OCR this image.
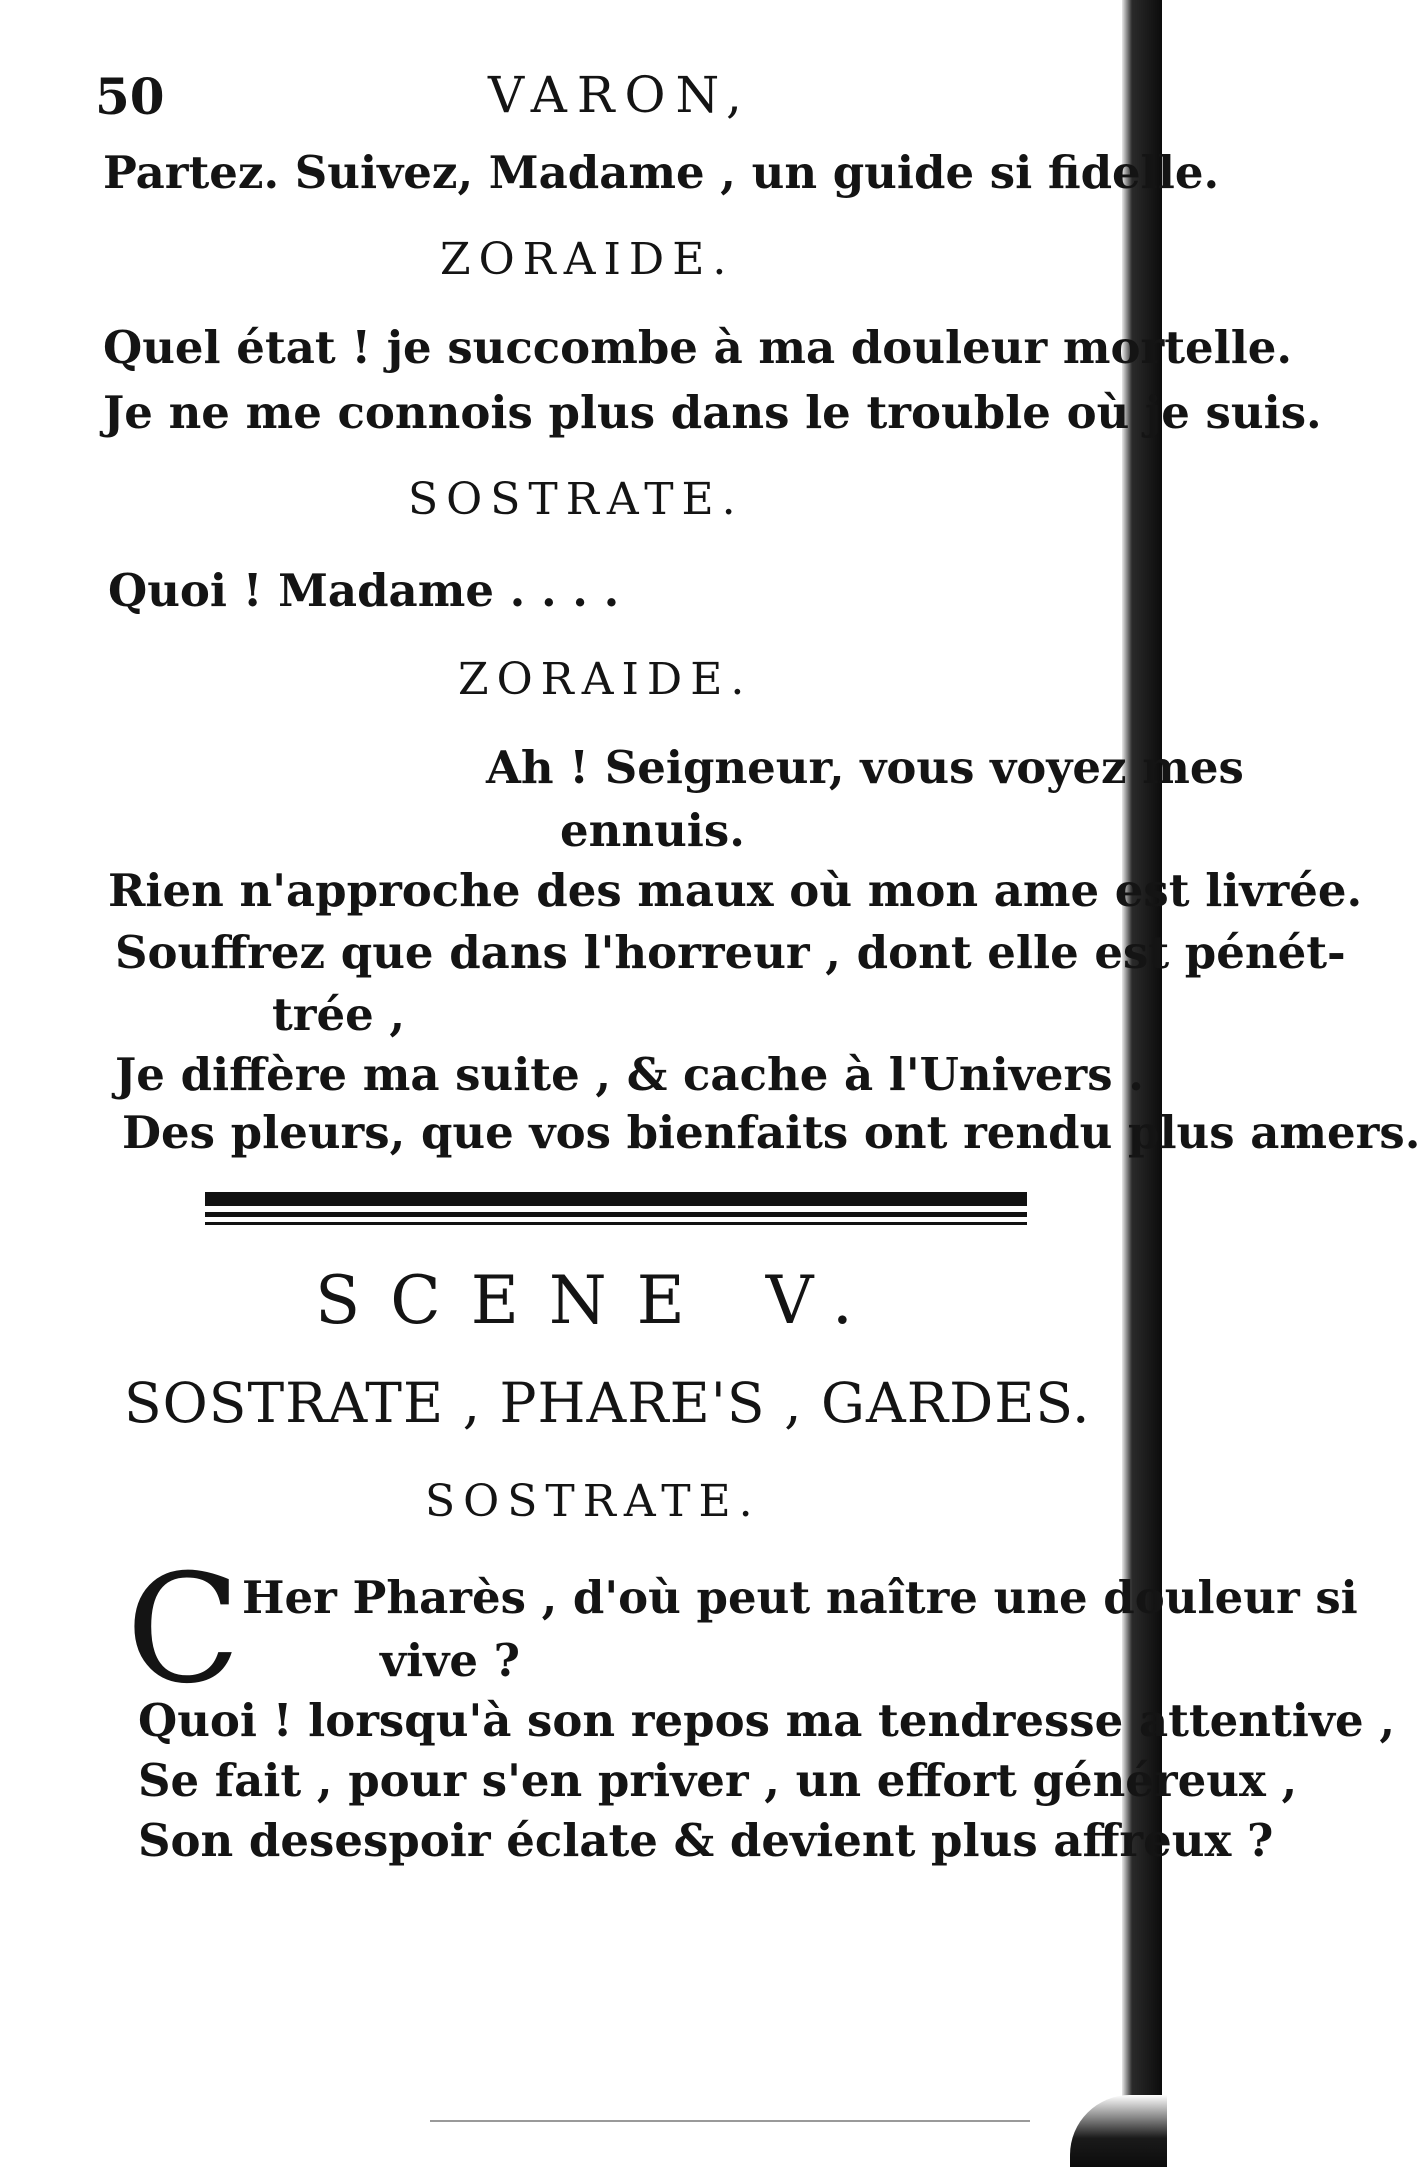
50	VARON,
Partez. Suivez, Madame , un guide si fidelle.
ZORAIDE.
Quel état ! je succombe à ma douleur mortelle.
Je ne me connois plus dans le trouble où je suis.
SOSTRATE.
Quoi ! Madame . . . .
ZORAIDE.
Ah ! Seigneur, vous voyez mes
ennuis.
Rien n'approche des maux où mon ame est livrée.
Souffrez que dans l'horreur , dont elle est pénét-
trée ,
Je diffère ma suite , & cache à l'Univers .
Des pleurs, que vos bienfaits ont rendu plus amers.
SCENE V.
SOSTRATE , PHARE'S , GARDES.
SOSTRATE.
C Her Pharès , d'où peut naître une douleur si
vive ?
Quoi ! lorsqu'à son repos ma tendresse attentive ,
Se fait , pour s'en priver , un effort généreux ,
Son desespoir éclate & devient plus affreux ?
